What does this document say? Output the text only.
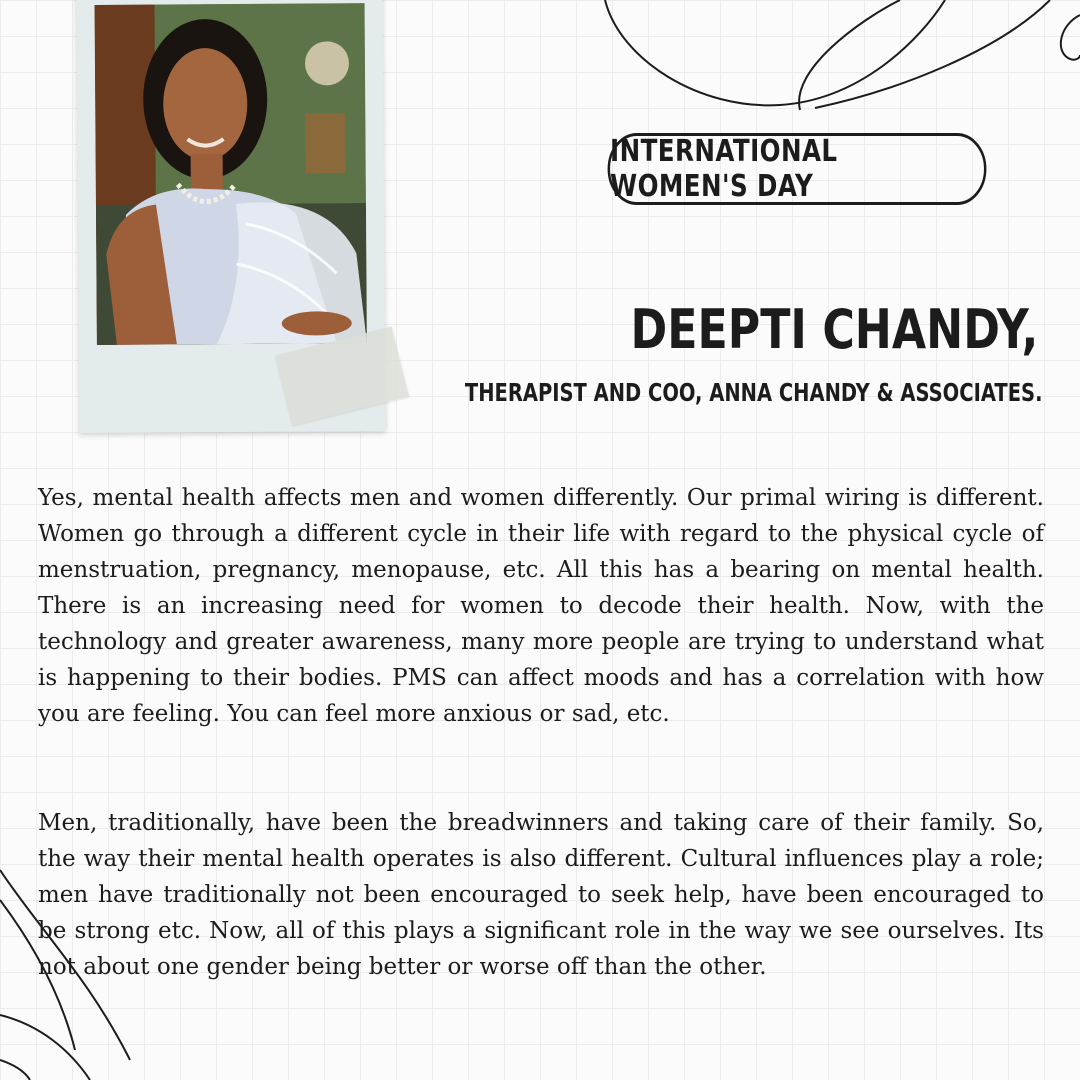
INTERNATIONAL WOMEN'S DAY
DEEPTI CHANDY,
THERAPIST AND COO, ANNA CHANDY & ASSOCIATES.

Yes, mental health affects men and women differently. Our primal wiring is different. Women go through a different cycle in their life with regard to the physical cycle of menstruation, pregnancy, menopause, etc. All this has a bearing on mental health. There is an increasing need for women to decode their health. Now, with the technology and greater awareness, many more people are trying to understand what is happening to their bodies. PMS can affect moods and has a correlation with how you are feeling. You can feel more anxious or sad, etc.

Men, traditionally, have been the breadwinners and taking care of their family. So, the way their mental health operates is also different. Cultural influences play a role; men have traditionally not been encouraged to seek help, have been encouraged to be strong etc. Now, all of this plays a significant role in the way we see ourselves. Its not about one gender being better or worse off than the other.
